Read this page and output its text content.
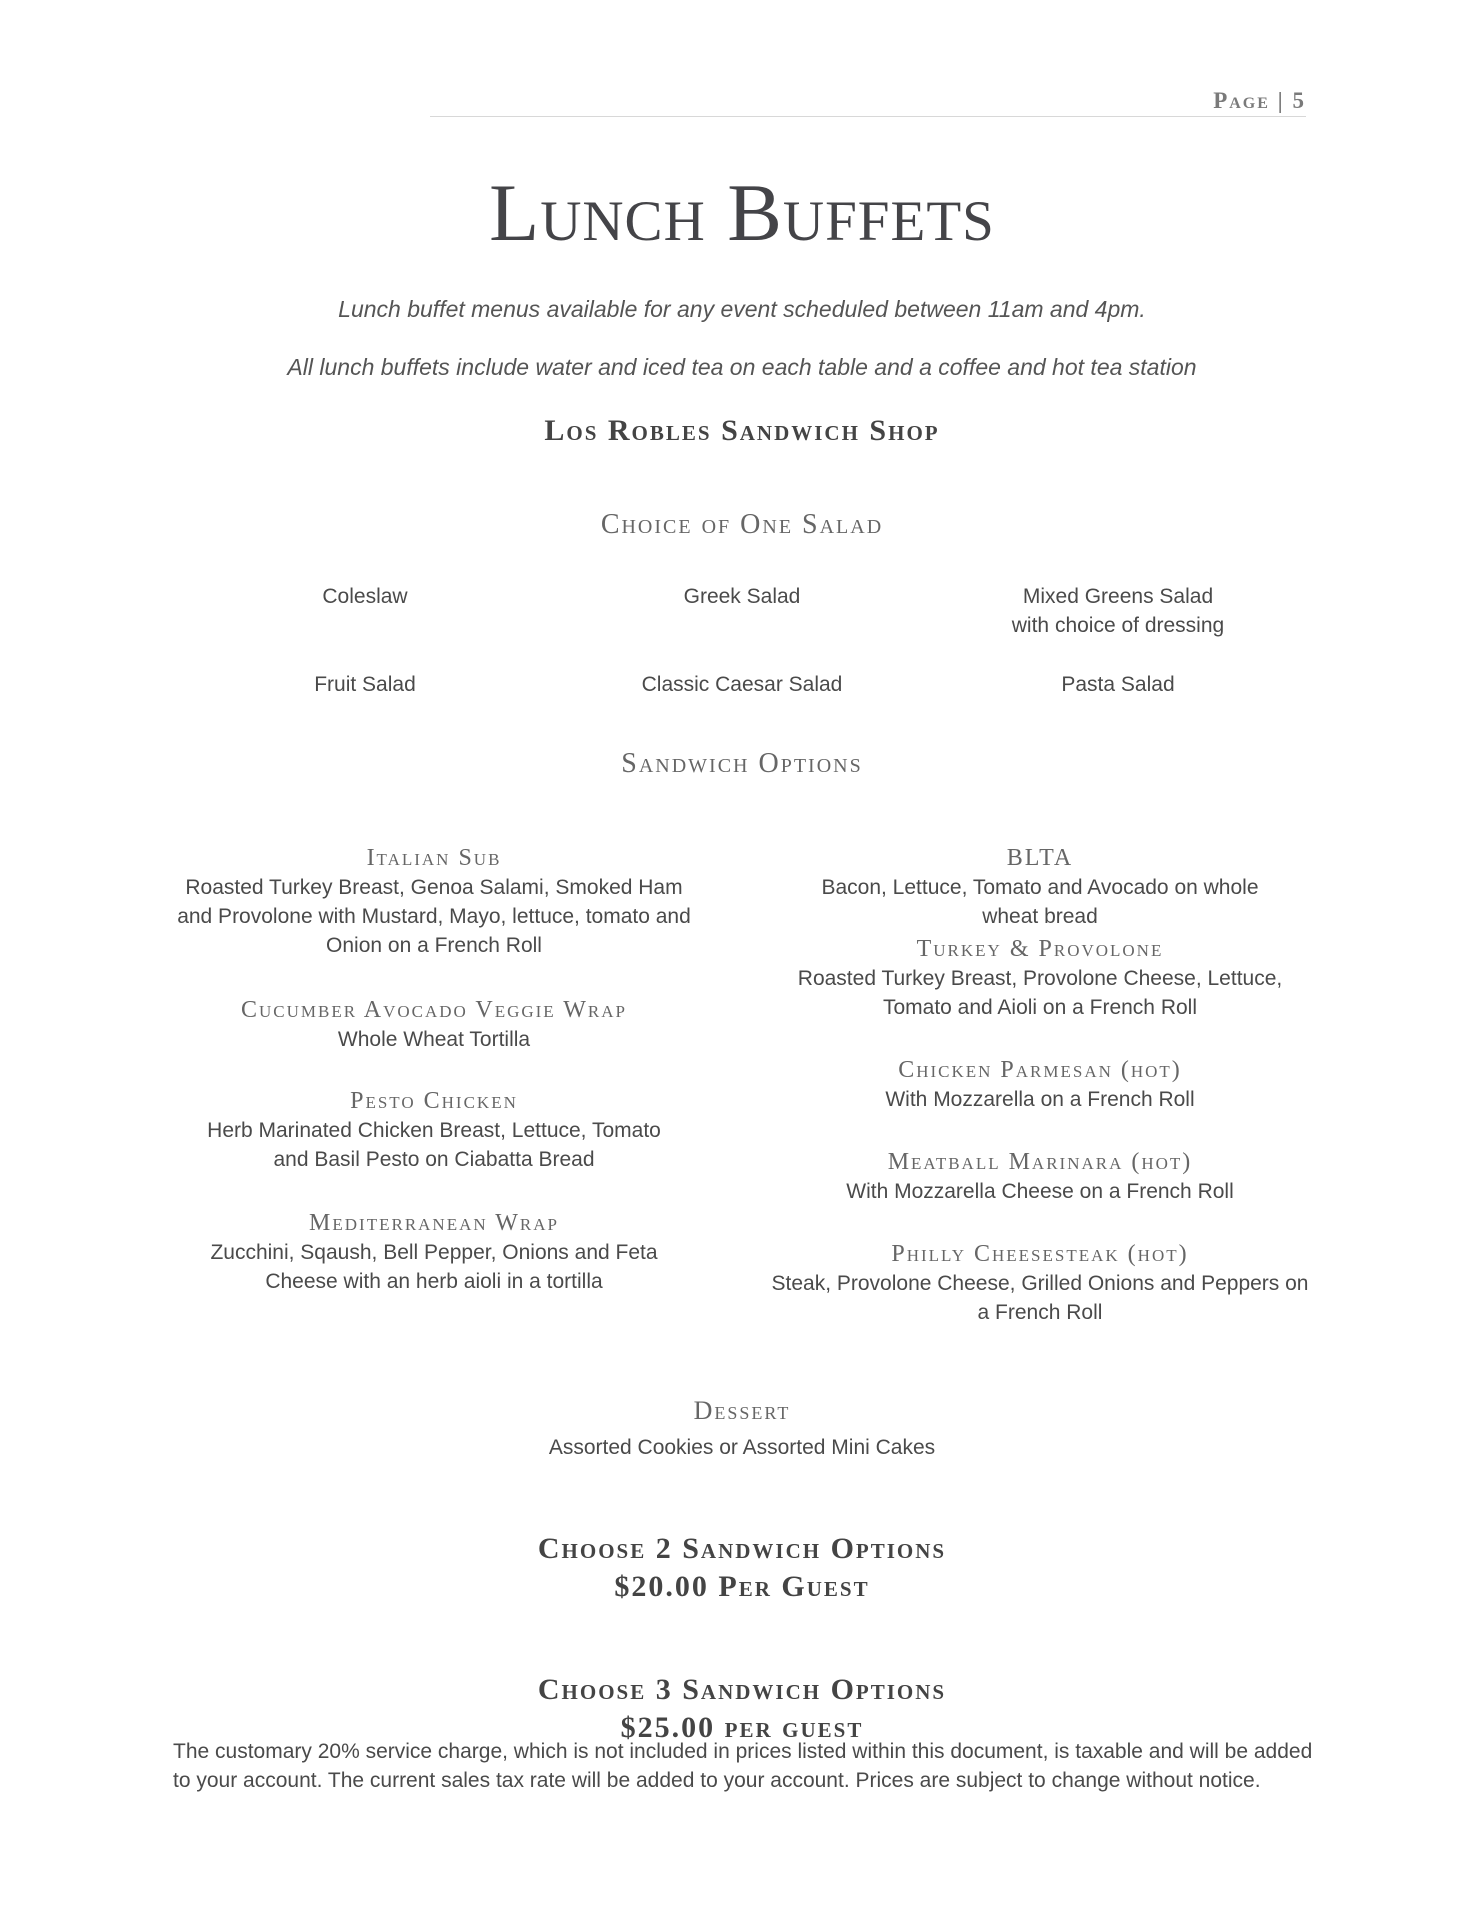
Page | 5
Lunch Buffets
Lunch buffet menus available for any event scheduled between 11am and 4pm.
All lunch buffets include water and iced tea on each table and a coffee and hot tea station
Los Robles Sandwich Shop
Choice of One Salad
Coleslaw	Greek Salad	Mixed Greens Salad
with choice of dressing
Fruit Salad	Classic Caesar Salad	Pasta Salad
Sandwich Options
Italian Sub
Roasted Turkey Breast, Genoa Salami, Smoked Ham and Provolone with Mustard, Mayo, lettuce, tomato and Onion on a French Roll
Cucumber Avocado Veggie Wrap
Whole Wheat Tortilla
Pesto Chicken
Herb Marinated Chicken Breast, Lettuce, Tomato and Basil Pesto on Ciabatta Bread
Mediterranean Wrap
Zucchini, Sqaush, Bell Pepper, Onions and Feta Cheese with an herb aioli in a tortilla
BLTA
Bacon, Lettuce, Tomato and Avocado on whole wheat bread
Turkey & Provolone
Roasted Turkey Breast, Provolone Cheese, Lettuce, Tomato and Aioli on a French Roll
Chicken Parmesan (hot)
With Mozzarella on a French Roll
Meatball Marinara (hot)
With Mozzarella Cheese on a French Roll
Philly Cheesesteak (hot)
Steak, Provolone Cheese, Grilled Onions and Peppers on a French Roll
Dessert
Assorted Cookies or Assorted Mini Cakes
Choose 2 Sandwich Options
$20.00 Per Guest
Choose 3 Sandwich Options
$25.00 per guest
The customary 20% service charge, which is not included in prices listed within this document, is taxable and will be added to your account. The current sales tax rate will be added to your account. Prices are subject to change without notice.
